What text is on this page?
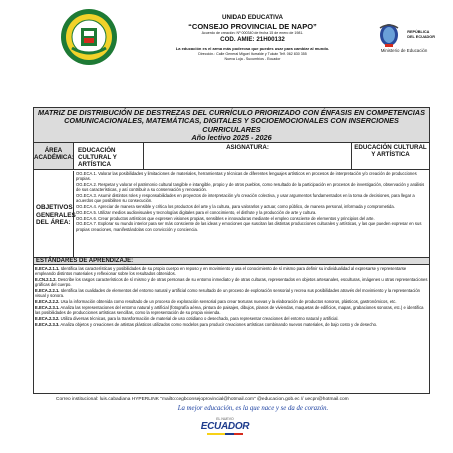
UNIDAD EDUCATIVA
“CONSEJO PROVINCIAL DE NAPO”
Acuerdo de creación: Nº 000340 de fecha 15 de enero de 1981.
COD. AMIE: 21H00132
La educación es el arma más poderosa que puedes usar para cambiar al mundo.
Dirección.: Calle General Miguel Iturralde y Tulcán Telf. 062 830 355
Nueva Loja - Sucumbíos - Ecuador
REPÚBLICA
DEL ECUADOR
Ministerio de Educación
MATRIZ DE DISTRIBUCIÓN DE DESTREZAS DEL CURRÍCULO PRIORIZADO CON ÉNFASIS EN COMPETENCIAS
COMUNICACIONALES, MATEMÁTICAS, DIGITALES Y SOCIOEMOCIONALES CON INSERCIONES CURRICULARES
Año lectivo 2025 - 2026
ÁREA ACADÉMICA:
EDUCACIÓN CULTURAL Y ARTÍSTICA
ASIGNATURA:	EDUCACIÓN CULTURAL Y ARTÍSTICA
OBJETIVOS GENERALES DEL ÁREA:

OG.ECA.1. Valorar las posibilidades y limitaciones de materiales, herramientas y técnicas de diferentes lenguajes artísticos en procesos de interpretación y/o creación de producciones propias.

OG.ECA.2. Respetar y valorar el patrimonio cultural tangible e intangible, propio y de otros pueblos, como resultado de la participación en procesos de investigación, observación y análisis de sus características, y así contribuir a su conservación y renovación.

OG.ECA.3. Asumir distintos roles y responsabilidades en proyectos de interpretación y/o creación colectiva, y usar argumentos fundamentados en la toma de decisiones, para llegar a acuerdos que posibiliten su consecución.

OG.ECA.4. Apreciar de manera sensible y crítica los productos del arte y la cultura, para valorarlos y actuar, como público, de manera personal, informada y comprometida.

OG.ECA.5. Utilizar medios audiovisuales y tecnologías digitales para el conocimiento, el disfrute y la producción de arte y cultura.

OG.ECA.6. Crear productos artísticos que expresen visiones propias, sensibles e innovadoras mediante el empleo consciente de elementos y principios del arte.

OG.ECA.7. Explorar su mundo interior para ser más consciente de las ideas y emociones que suscitan las distintas producciones culturales y artísticas, y las que pueden expresar en sus propias creaciones, manifestándolas con convicción y conciencia.

ESTÁNDARES DE APRENDIZAJE:

E.ECA.2.1.1. Identifica las características y posibilidades de su propio cuerpo en reposo y en movimiento y usa el conocimiento de sí mismo para definir su individualidad al expresarse y representarse empleando distintos materiales y reflexionar sobre los resultados obtenidos.

E.CN.2.1.2. Describe los rasgos característicos de sí mismo y de otras personas de su entorno inmediato y de otras culturas, representados en objetos artesanales, esculturas, imágenes u otras representaciones gráficas del cuerpo.

E.ECA.2.2.1. Identifica las cualidades de elementos del entorno natural y artificial como resultado de un proceso de exploración sensorial y recrea sus posibilidades através del movimiento y la representación visual y sonora.

E.ECA.2.2.2. Usa la información obtenida como resultado de un proceso de exploración sensorial para crear texturas nuevas y la elaboración de productos sonoros, plásticos, gastronómicos, etc.

E.ECA.2.3.1. Analiza las representaciones del entorno natural y artificial (fotografía aérea, pintura de paisajes, dibujos, planos de viviendas, maquetas de edificios, mapas, grabaciones sonoras, etc.) e identifica las posibilidades de producciones artísticas sencillas, como la representación de su propia vivienda.

E.ECA.2.3.2. Utiliza diversas técnicas, para la transformación de material de uso cotidiano o desechado, para representar creaciones del entorno natural y artificial.

E.ECA.2.3.3. Analiza objetos y creaciones de artistas plásticos utilizados como modelos para producir creaciones artísticas combinando nuevos materiales, de bajo costo y de desecho.

Correo institucional: luis.cabadiana HYPERLINK "mailto:cegbconsejoprovincial@hotmail.com" @educacion.gob.ec // uecpn@hotmail.com
La mejor educación, es la que nace y se da de corazón.
EL NUEVO
ECUADOR
